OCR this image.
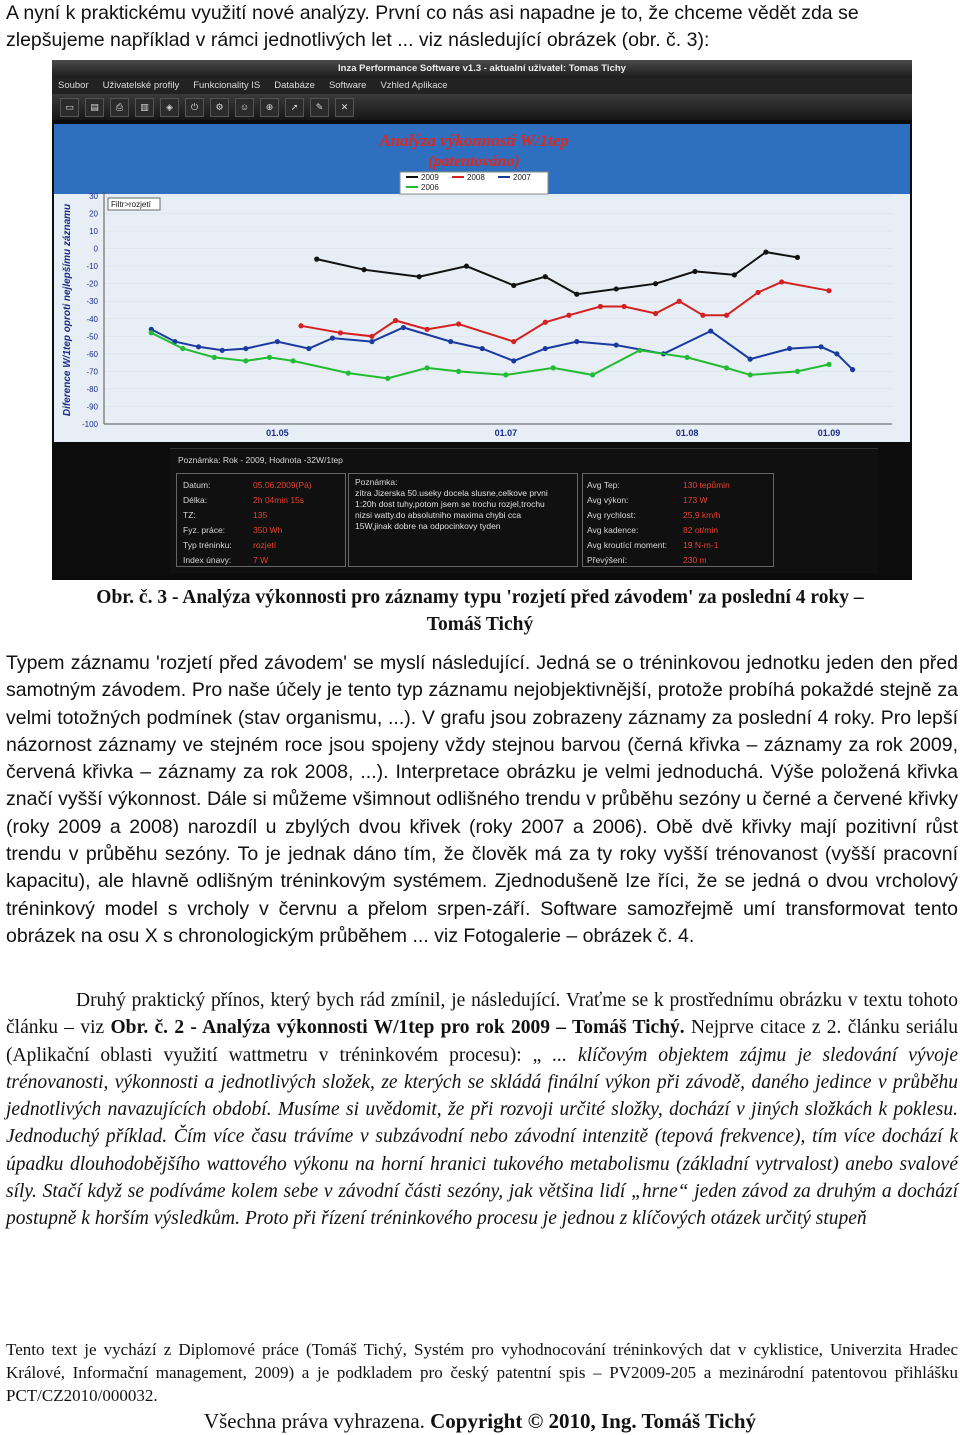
A nyní k praktickému využití nové analýzy. První co nás asi napadne je to, že chceme vědět zda se zlepšujeme například v rámci jednotlivých let ... viz následující obrázek (obr. č. 3):

Inza Performance Software v1.3 - aktualní uživatel: Tomas Tichy
Soubor Uživatelské profily Funkcionality IS Databáze Software Vzhled Aplikace
▭	▤	⎙	▥	◈	⏻	⚙	☺	⊕	➚	✎	✕
Analýza výkonnosti W/1tep
(patentováno)
2009	2008	2007
2006
Filtr>rozjetí
Diference W/1tep oproti nejlepšímu záznamu
30
20
10
0
-10
-20
-30
-40
-50
-60
-70
-80
-90
-100
01.05	01.07	01.08	01.09
Poznámka: Rok - 2009, Hodnota -32W/1tep
Datum:	05.06.2009(Pá)
Délka:	2h 04min 15s
TZ:	135
Fyz. práce:	350 Wh
Typ tréninku:	rozjetí
Index únavy:	7 W
Poznámka:
zítra Jizerska 50.useky docela slusne,celkove prvni
1:20h dost tuhy,potom jsem se trochu rozjel,trochu
nizsi watty.do absolutniho maxima chybi cca
15W,jinak dobre na odpocinkovy tyden
Avg Tep:	130 tepůmin
Avg výkon:	173 W
Avg rychlost:	25.9 km/h
Avg kadence:	82 ot/min
Avg kroutící moment: 19 N·m-1
Převýšení:	230 m
Obr. č. 3 - Analýza výkonnosti pro záznamy typu 'rozjetí před závodem' za poslední 4 roky –
Tomáš Tichý

Typem záznamu 'rozjetí před závodem' se myslí následující. Jedná se o tréninkovou jednotku jeden den před samotným závodem. Pro naše účely je tento typ záznamu nejobjektivnější, protože probíhá pokaždé stejně za velmi totožných podmínek (stav organismu, ...). V grafu jsou zobrazeny záznamy za poslední 4 roky. Pro lepší názornost záznamy ve stejném roce jsou spojeny vždy stejnou barvou (černá křivka – záznamy za rok 2009, červená křivka – záznamy za rok 2008, ...). Interpretace obrázku je velmi jednoduchá. Výše položená křivka značí vyšší výkonnost. Dále si můžeme všimnout odlišného trendu v průběhu sezóny u černé a červené křivky (roky 2009 a 2008) narozdíl u zbylých dvou křivek (roky 2007 a 2006). Obě dvě křivky mají pozitivní růst trendu v průběhu sezóny. To je jednak dáno tím, že člověk má za ty roky vyšší trénovanost (vyšší pracovní kapacitu), ale hlavně odlišným tréninkovým systémem. Zjednodušeně lze říci, že se jedná o dvou vrcholový tréninkový model s vrcholy v červnu a přelom srpen-září. Software samozřejmě umí transformovat tento obrázek na osu X s chronologickým průběhem ... viz Fotogalerie – obrázek č. 4.

Druhý praktický přínos, který bych rád zmínil, je následující. Vraťme se k prostřednímu obrázku v textu tohoto článku – viz Obr. č. 2 - Analýza výkonnosti W/1tep pro rok 2009 – Tomáš Tichý. Nejprve citace z 2. článku seriálu (Aplikační oblasti využití wattmetru v tréninkovém procesu): „ ... klíčovým objektem zájmu je sledování vývoje trénovanosti, výkonnosti a jednotlivých složek, ze kterých se skládá finální výkon při závodě, daného jedince v průběhu jednotlivých navazujících období. Musíme si uvědomit, že při rozvoji určité složky, dochází v jiných složkách k poklesu. Jednoduchý příklad. Čím více času trávíme v subzávodní nebo závodní intenzitě (tepová frekvence), tím více dochází k úpadku dlouhodobějšího wattového výkonu na horní hranici tukového metabolismu (základní vytrvalost) anebo svalové síly. Stačí když se podíváme kolem sebe v závodní části sezóny, jak většina lidí „hrne“ jeden závod za druhým a dochází postupně k horším výsledkům. Proto při řízení tréninkového procesu je jednou z klíčových otázek určitý stupeň

Tento text je vychází z Diplomové práce (Tomáš Tichý, Systém pro vyhodnocování tréninkových dat v cyklistice, Univerzita Hradec Králové, Informační management, 2009) a je podkladem pro český patentní spis – PV2009-205 a mezinárodní patentovou přihlášku PCT/CZ2010/000032.

Všechna práva vyhrazena. Copyright © 2010, Ing. Tomáš Tichý
